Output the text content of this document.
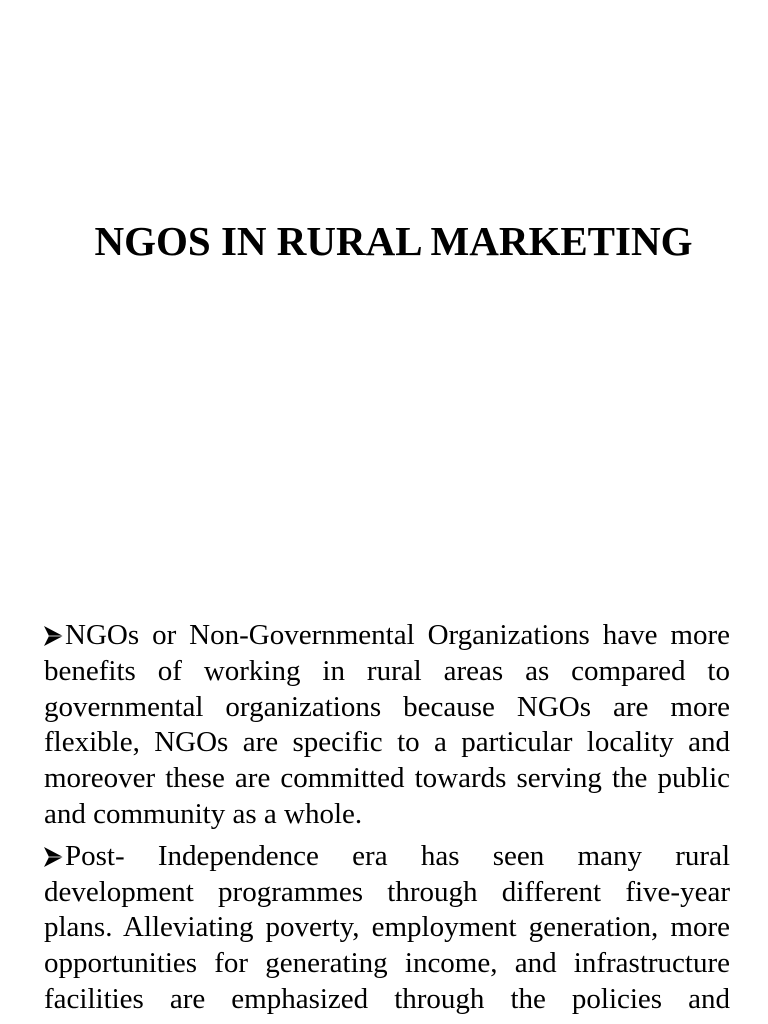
NGOS IN RURAL MARKETING
NGOs or Non-Governmental Organizations have more
benefits of working in rural areas as compared to
governmental organizations because NGOs are more
flexible, NGOs are specific to a particular locality and
moreover these are committed towards serving the public
and community as a whole.
Post- Independence era has seen many rural
development programmes through different five-year
plans. Alleviating poverty, employment generation, more
opportunities for generating income, and infrastructure
facilities are emphasized through the policies and
